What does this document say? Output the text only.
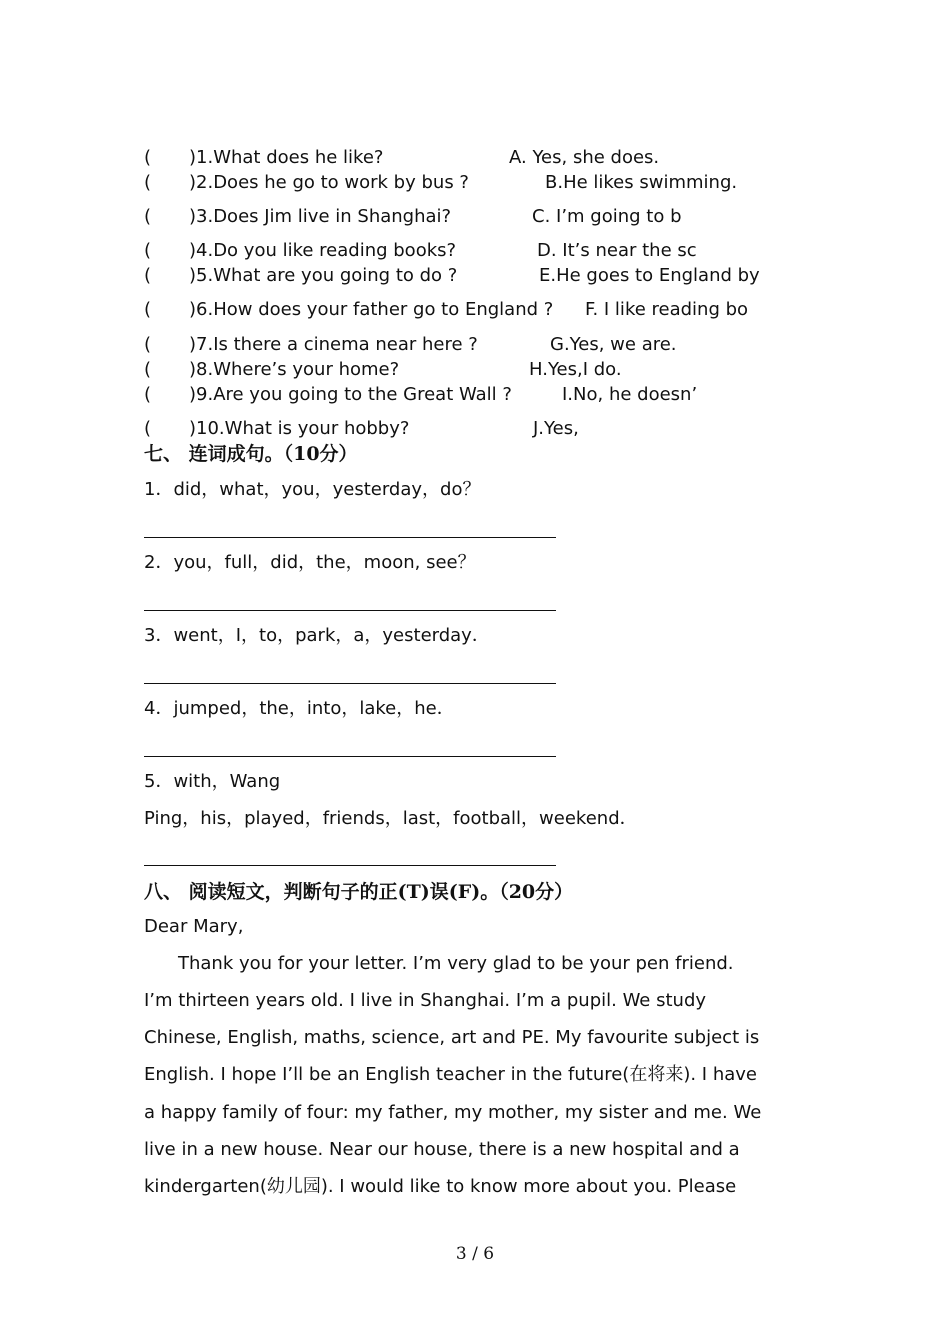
( )1.What does he like?	A. Yes, she does.
( )2.Does he go to work by bus ?	B.He likes swimming.
( )3.Does Jim live in Shanghai?	C. I’m going to b
( )4.Do you like reading books?	D. It’s near the sc
( )5.What are you going to do ?	E.He goes to England by
( )6.How does your father go to England ? F. I like reading bo
( )7.Is there a cinema near here ?	G.Yes, we are.
( )8.Where’s your home?	H.Yes,I do.
( )9.Are you going to the Great Wall ?	I.No, he doesn’
( )10.What is your hobby?	J.Yes,
七、 连词成句。（10分）
1．did，what，you，yesterday，do？
2．you，full，did，the，moon, see？
3．went，I，to，park，a，yesterday．
4．jumped，the，into，lake，he．
5．with，Wang
Ping，his，played，friends，last，football，weekend．
八、 阅读短文，判断句子的正(T)误(F)。（20分）
Dear Mary,
Thank you for your letter. I’m very glad to be your pen friend.
I’m thirteen years old. I live in Shanghai. I’m a pupil. We study
Chinese, English, maths, science, art and PE. My favourite subject is
English. I hope I’ll be an English teacher in the future(在将来). I have
a happy family of four: my father, my mother, my sister and me. We
live in a new house. Near our house, there is a new hospital and a
kindergarten(幼儿园). I would like to know more about you. Please
3 / 6
